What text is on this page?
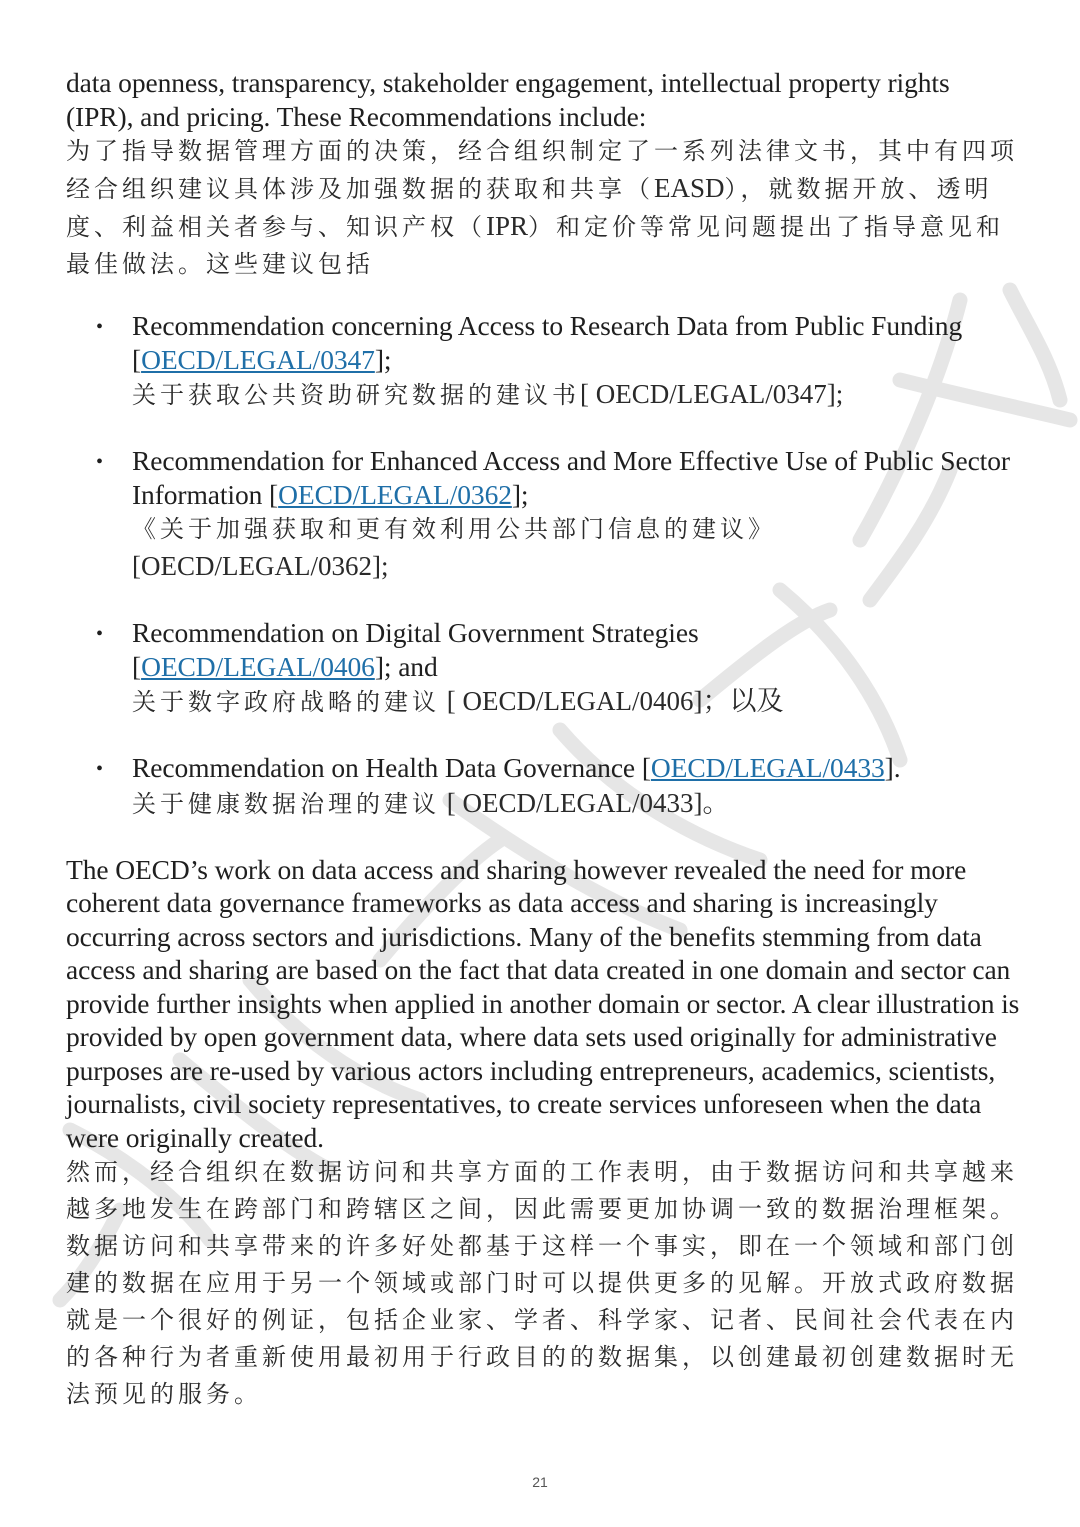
data openness, transparency, stakeholder engagement, intellectual property rights (IPR), and pricing. These Recommendations include:

为了指导数据管理方面的决策，经合组织制定了一系列法律文书，其中有四项经合组织建议具体涉及加强数据的获取和共享（EASD），就数据开放、透明度、利益相关者参与、知识产权（IPR）和定价等常见问题提出了指导意见和最佳做法。这些建议包括

• Recommendation concerning Access to Research Data from Public Funding [OECD/LEGAL/0347];

关于获取公共资助研究数据的建议书[ OECD/LEGAL/0347];

• Recommendation for Enhanced Access and More Effective Use of Public Sector Information [OECD/LEGAL/0362];

《关于加强获取和更有效利用公共部门信息的建议》
[OECD/LEGAL/0362];

• Recommendation on Digital Government Strategies
[OECD/LEGAL/0406]; and

关于数字政府战略的建议 [ OECD/LEGAL/0406]；以及

• Recommendation on Health Data Governance [OECD/LEGAL/0433].

关于健康数据治理的建议 [ OECD/LEGAL/0433]。

The OECD’s work on data access and sharing however revealed the need for more coherent data governance frameworks as data access and sharing is increasingly occurring across sectors and jurisdictions. Many of the benefits stemming from data access and sharing are based on the fact that data created in one domain and sector can provide further insights when applied in another domain or sector. A clear illustration is provided by open government data, where data sets used originally for administrative purposes are re-used by various actors including entrepreneurs, academics, scientists, journalists, civil society representatives, to create services unforeseen when the data were originally created.

然而，经合组织在数据访问和共享方面的工作表明，由于数据访问和共享越来越多地发生在跨部门和跨辖区之间，因此需要更加协调一致的数据治理框架。数据访问和共享带来的许多好处都基于这样一个事实，即在一个领域和部门创建的数据在应用于另一个领域或部门时可以提供更多的见解。开放式政府数据就是一个很好的例证，包括企业家、学者、科学家、记者、民间社会代表在内的各种行为者重新使用最初用于行政目的的数据集，以创建最初创建数据时无法预见的服务。

21
